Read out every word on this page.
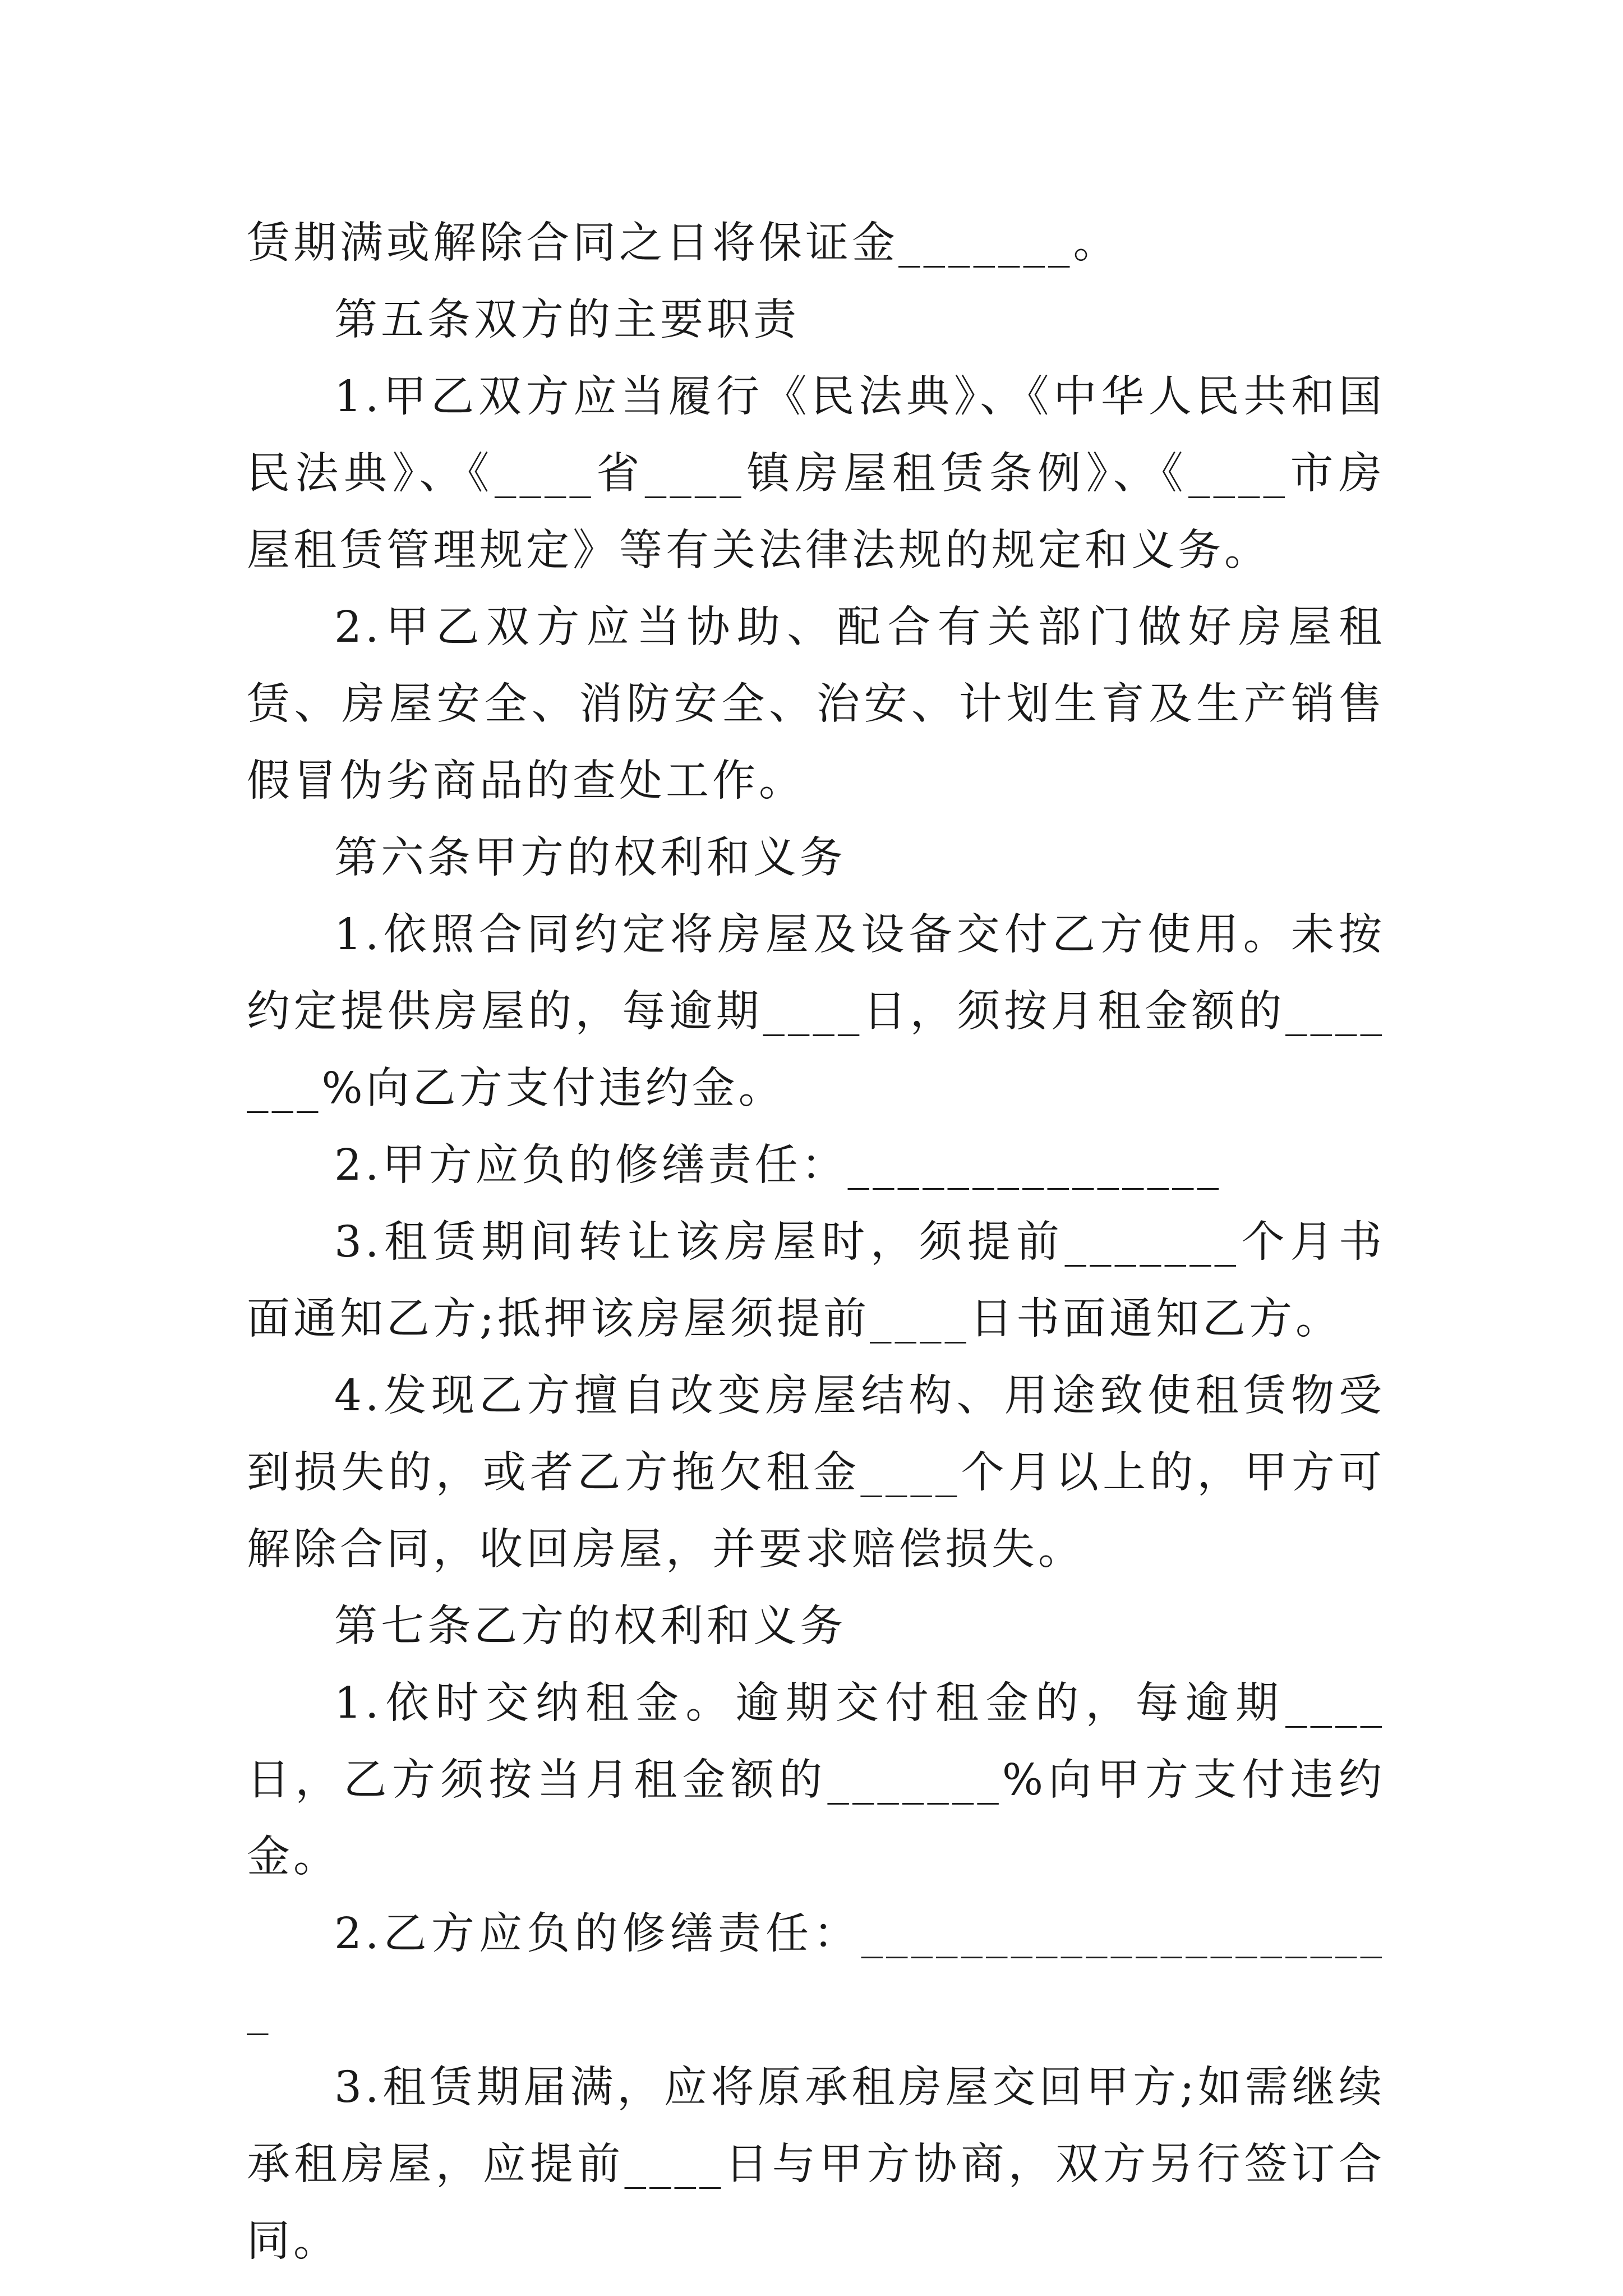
赁期满或解除合同之日将保证金_______。

第五条双方的主要职责

1.甲乙双方应当履行《民法典》、《中华人民共和国民法典》、《____省____镇房屋租赁条例》、《____市房屋租赁管理规定》等有关法律法规的规定和义务。

2.甲乙双方应当协助、配合有关部门做好房屋租赁、房屋安全、消防安全、治安、计划生育及生产销售假冒伪劣商品的查处工作。

第六条甲方的权利和义务

1.依照合同约定将房屋及设备交付乙方使用。未按约定提供房屋的，每逾期____日，须按月租金额的_______%向乙方支付违约金。

2.甲方应负的修缮责任：_______________

3.租赁期间转让该房屋时，须提前_______个月书面通知乙方;抵押该房屋须提前____日书面通知乙方。

4.发现乙方擅自改变房屋结构、用途致使租赁物受到损失的，或者乙方拖欠租金____个月以上的，甲方可解除合同，收回房屋，并要求赔偿损失。

第七条乙方的权利和义务

1.依时交纳租金。逾期交付租金的，每逾期____日，乙方须按当月租金额的_______%向甲方支付违约金。

2.乙方应负的修缮责任：______________________

3.租赁期届满，应将原承租房屋交回甲方;如需继续承租房屋，应提前____日与甲方协商，双方另行签订合同。
